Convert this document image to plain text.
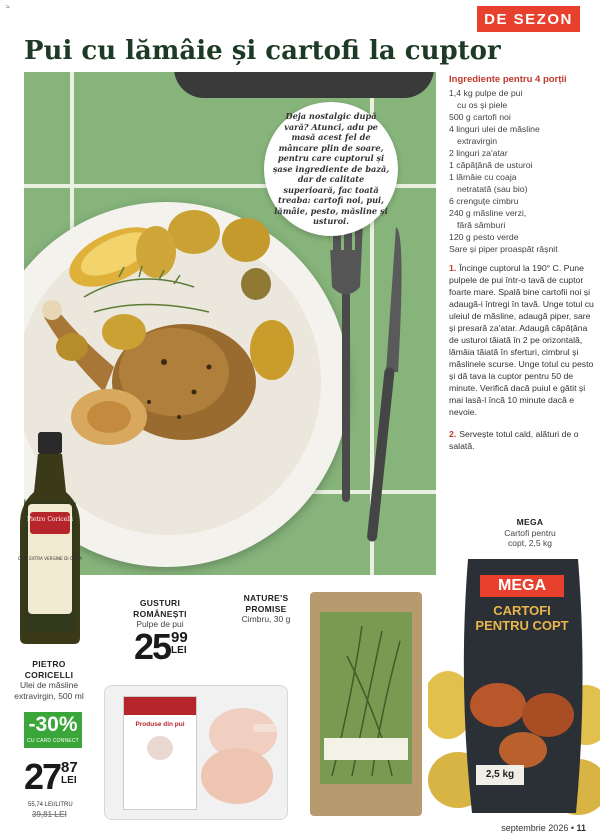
≈
DE SEZON
Pui cu lămâie și cartofi la cuptor
Deja nostalgic după vară? Atunci, adu pe masă acest fel de mâncare plin de soare, pentru care cuptorul și șase ingrediente de bază, dar de calitate superioară, fac toată treaba: cartofi noi, pui, lămâie, pesto, măsline și usturoi.
Ingrediente pentru 4 porții
1,4 kg pulpe de pui
cu os și piele
500 g cartofi noi
4 linguri ulei de măsline
extravirgin
2 linguri za'atar
1 căpățână de usturoi
1 lămâie cu coaja
netratată (sau bio)
6 crenguțe cimbru
240 g măsline verzi,
fără sâmburi
120 g pesto verde
Sare și piper proaspăt râșnit
1. Încinge cuptorul la 190° C. Pune pulpele de pui într-o tavă de cuptor foarte mare. Spală bine cartofii noi și adaugă-i întregi în tavă. Unge totul cu uleiul de măsline, adaugă piper, sare și presară za'atar. Adaugă căpățâna de usturoi tăiată în 2 pe orizontală, lămâia tăiată în sferturi, cimbrul și măslinele scurse. Unge totul cu pesto și dă tava la cuptor pentru 50 de minute. Verifică dacă puiul e gătit și mai lasă-l încă 10 minute dacă e nevoie.
2. Servește totul cald, alături de o salată.
Pietro Coricelli
OLIO EXTRA VERGINE DI OLIVA
PIETRO CORICELLI
Ulei de măsline extravirgin, 500 ml
-30%
CU CARD CONNECT
27 87
LEI
55,74 LEI/LITRU
39,81 LEI
GUSTURI ROMÂNEȘTI
Pulpe de pui
25 99
LEI
Produse din pui
NATURE'S PROMISE
Cimbru, 30 g
MEGA
Cartofi pentru copt, 2,5 kg
MEGA
CARTOFI PENTRU COPT
2,5 kg
septembrie 2026 • 11
